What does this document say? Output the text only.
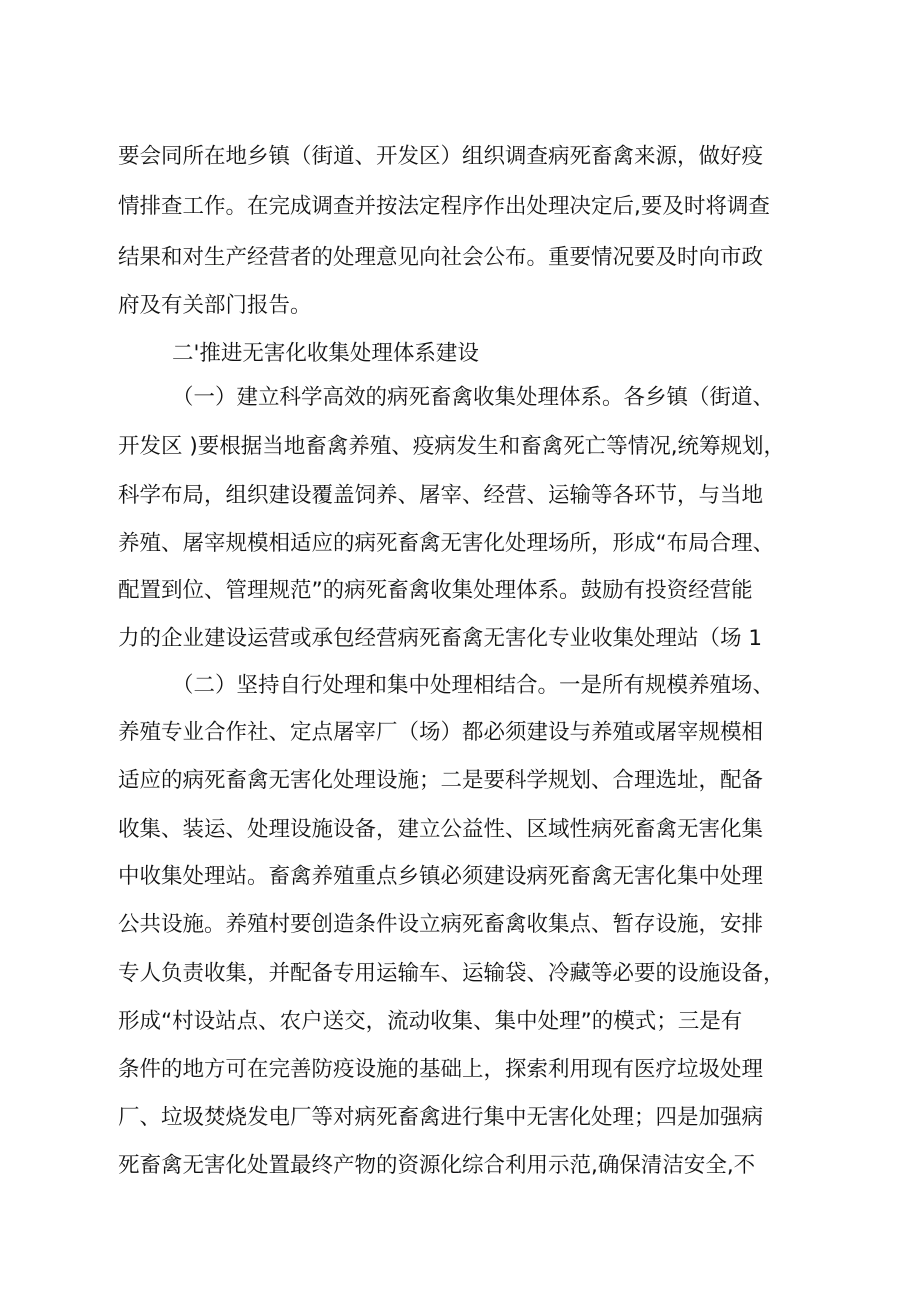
要会同所在地乡镇（街道、开发区）组织调查病死畜禽来源，做好疫
情排查工作。在完成调查并按法定程序作出处理决定后,要及时将调查
结果和对生产经营者的处理意见向社会公布。重要情况要及时向市政
府及有关部门报告。
二'推进无害化收集处理体系建设
（一）建立科学高效的病死畜禽收集处理体系。各乡镇（街道、
开发区 )要根据当地畜禽养殖、疫病发生和畜禽死亡等情况,统筹规划，
科学布局，组织建设覆盖饲养、屠宰、经营、运输等各环节，与当地
养殖、屠宰规模相适应的病死畜禽无害化处理场所，形成“布局合理、
配置到位、管理规范”的病死畜禽收集处理体系。鼓励有投资经营能
力的企业建设运营或承包经营病死畜禽无害化专业收集处理站（场 1
（二）坚持自行处理和集中处理相结合。一是所有规模养殖场、
养殖专业合作社、定点屠宰厂（场）都必须建设与养殖或屠宰规模相
适应的病死畜禽无害化处理设施；二是要科学规划、合理选址，配备
收集、装运、处理设施设备，建立公益性、区域性病死畜禽无害化集
中收集处理站。畜禽养殖重点乡镇必须建设病死畜禽无害化集中处理
公共设施。养殖村要创造条件设立病死畜禽收集点、暂存设施，安排
专人负责收集，并配备专用运输车、运输袋、冷藏等必要的设施设备，
形成“村设站点、农户送交，流动收集、集中处理”的模式；三是有
条件的地方可在完善防疫设施的基础上，探索利用现有医疗垃圾处理
厂、垃圾焚烧发电厂等对病死畜禽进行集中无害化处理；四是加强病
死畜禽无害化处置最终产物的资源化综合利用示范,确保清洁安全,不
